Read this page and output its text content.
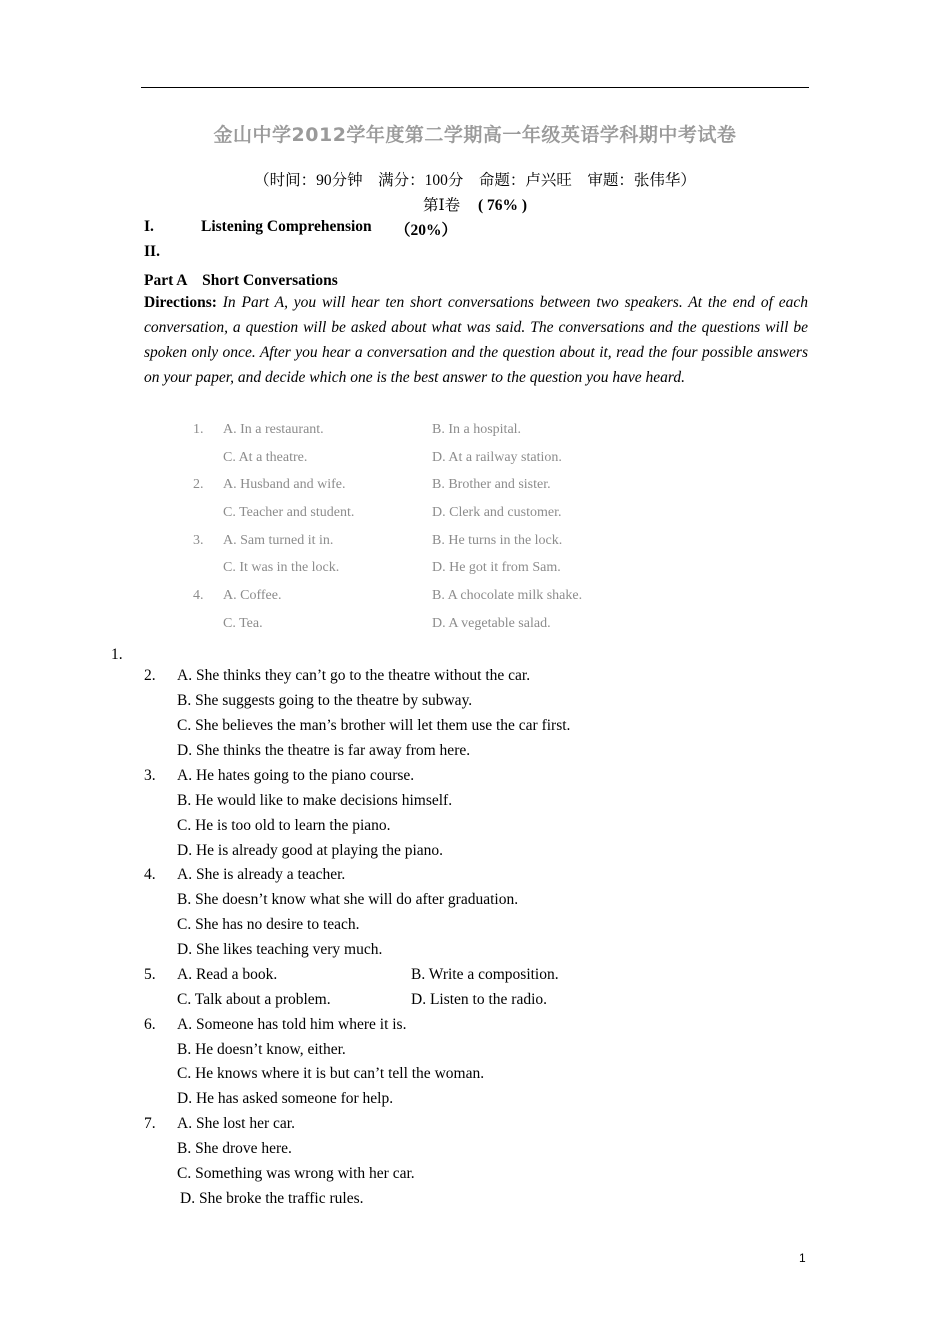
金山中学2012学年度第二学期高一年级英语学科期中考试卷
（时间：90分钟　满分：100分　命题：卢兴旺　审题：张伟华）
第Ⅰ卷 ( 76% )
I.	Listening Comprehension （20%）
II.
Part A　Short Conversations
Directions: In Part A, you will hear ten short conversations between two speakers. At the end of each conversation, a question will be asked about what was said. The conversations and the questions will be spoken only once. After you hear a conversation and the question about it, read the four possible answers on your paper, and decide which one is the best answer to the question you have heard.
1. A. In a restaurant.	B. In a hospital.
C. At a theatre.	D. At a railway station.
2. A. Husband and wife.	B. Brother and sister.
C. Teacher and student.	D. Clerk and customer.
3. A. Sam turned it in.	B. He turns in the lock.
C. It was in the lock.	D. He got it from Sam.
4. A. Coffee.	B. A chocolate milk shake.
C. Tea.	D. A vegetable salad.
1.
2. A. She thinks they can’t go to the theatre without the car.
B. She suggests going to the theatre by subway.
C. She believes the man’s brother will let them use the car first.
D. She thinks the theatre is far away from here.
3. A. He hates going to the piano course.
B. He would like to make decisions himself.
C. He is too old to learn the piano.
D. He is already good at playing the piano.
4. A. She is already a teacher.
B. She doesn’t know what she will do after graduation.
C. She has no desire to teach.
D. She likes teaching very much.
5. A. Read a book.	B. Write a composition.
C. Talk about a problem.	D. Listen to the radio.
6. A. Someone has told him where it is.
B. He doesn’t know, either.
C. He knows where it is but can’t tell the woman.
D. He has asked someone for help.
7. A. She lost her car.
B. She drove here.
C. Something was wrong with her car.
D. She broke the traffic rules.
1
